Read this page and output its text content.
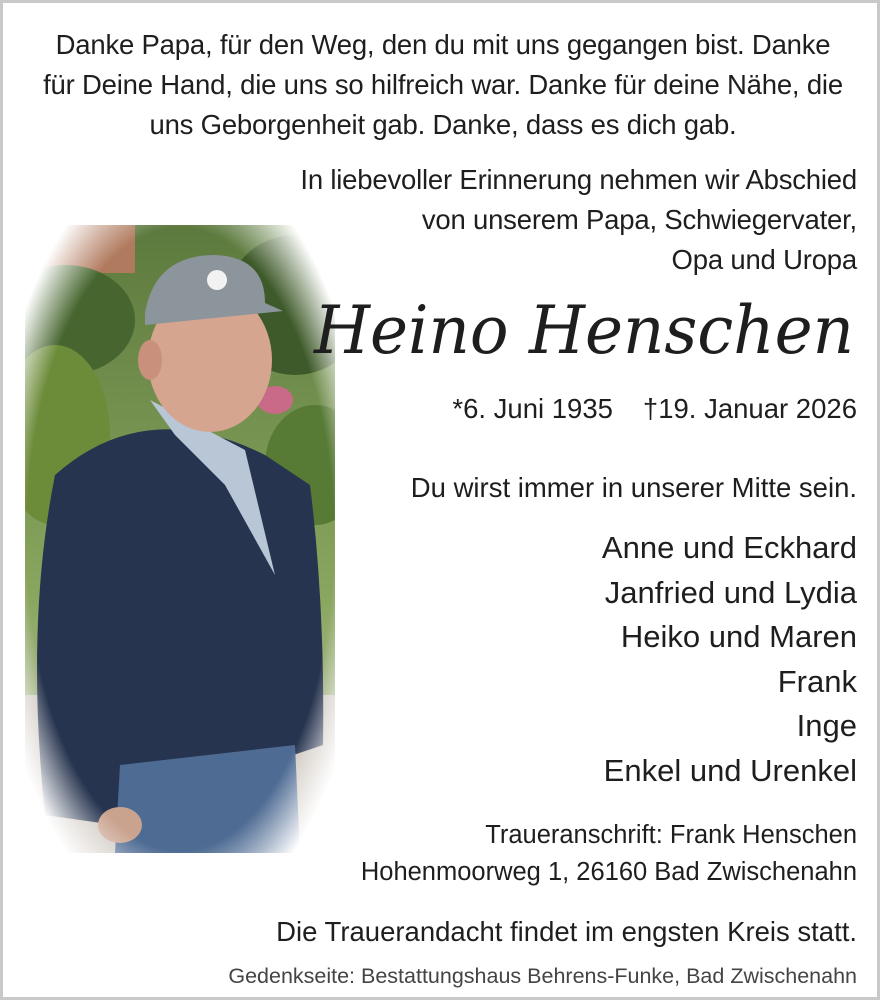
Danke Papa, für den Weg, den du mit uns gegangen bist. Danke
für Deine Hand, die uns so hilfreich war. Danke für deine Nähe, die
uns Geborgenheit gab. Danke, dass es dich gab.
In liebevoller Erinnerung nehmen wir Abschied
von unserem Papa, Schwiegervater,
Opa und Uropa
Heino Henschen
*6. Juni 1935 †19. Januar 2026
Du wirst immer in unserer Mitte sein.
Anne und Eckhard
Janfried und Lydia
Heiko und Maren
Frank
Inge
Enkel und Urenkel
Traueranschrift: Frank Henschen
Hohenmoorweg 1, 26160 Bad Zwischenahn
Die Trauerandacht findet im engsten Kreis statt.
Gedenkseite: Bestattungshaus Behrens-Funke, Bad Zwischenahn
